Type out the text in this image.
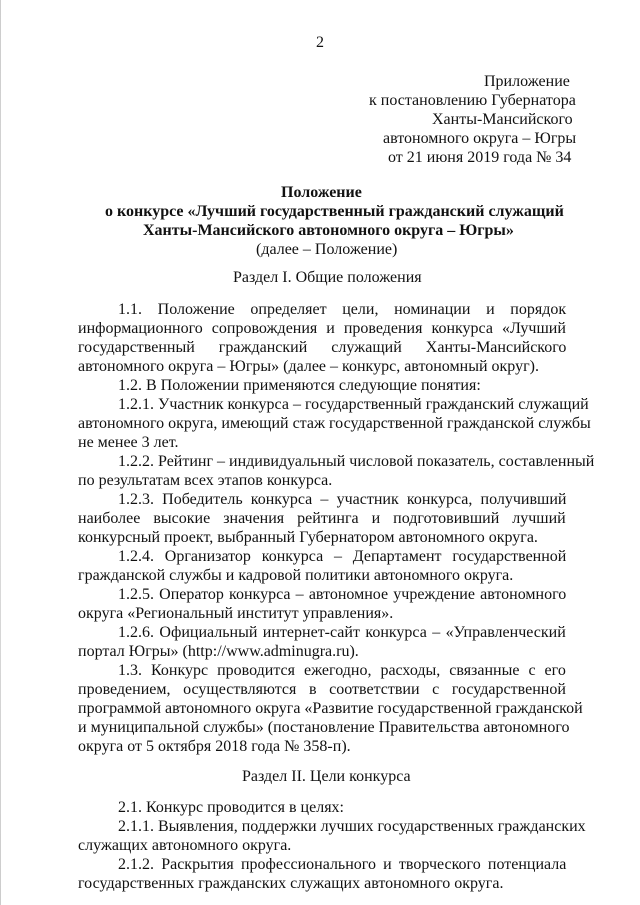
2
Приложение
к постановлению Губернатора
Ханты-Мансийского
автономного округа – Югры
от 21 июня 2019 года № 34
Положение
о конкурсе «Лучший государственный гражданский служащий
Ханты-Мансийского автономного округа – Югры»
(далее – Положение)
Раздел I. Общие положения
1.1. Положение определяет цели, номинации и порядок
информационного сопровождения и проведения конкурса «Лучший
государственный гражданский служащий Ханты-Мансийского
автономного округа – Югры» (далее – конкурс, автономный округ).
1.2. В Положении применяются следующие понятия:
1.2.1. Участник конкурса – государственный гражданский служащий
автономного округа, имеющий стаж государственной гражданской службы
не менее 3 лет.
1.2.2. Рейтинг – индивидуальный числовой показатель, составленный
по результатам всех этапов конкурса.
1.2.3. Победитель конкурса – участник конкурса, получивший
наиболее высокие значения рейтинга и подготовивший лучший
конкурсный проект, выбранный Губернатором автономного округа.
1.2.4. Организатор конкурса – Департамент государственной
гражданской службы и кадровой политики автономного округа.
1.2.5. Оператор конкурса – автономное учреждение автономного
округа «Региональный институт управления».
1.2.6. Официальный интернет-сайт конкурса – «Управленческий
портал Югры» (http://www.adminugra.ru).
1.3. Конкурс проводится ежегодно, расходы, связанные с его
проведением, осуществляются в соответствии с государственной
программой автономного округа «Развитие государственной гражданской
и муниципальной службы» (постановление Правительства автономного
округа от 5 октября 2018 года № 358-п).
Раздел II. Цели конкурса
2.1. Конкурс проводится в целях:
2.1.1. Выявления, поддержки лучших государственных гражданских
служащих автономного округа.
2.1.2. Раскрытия профессионального и творческого потенциала
государственных гражданских служащих автономного округа.
